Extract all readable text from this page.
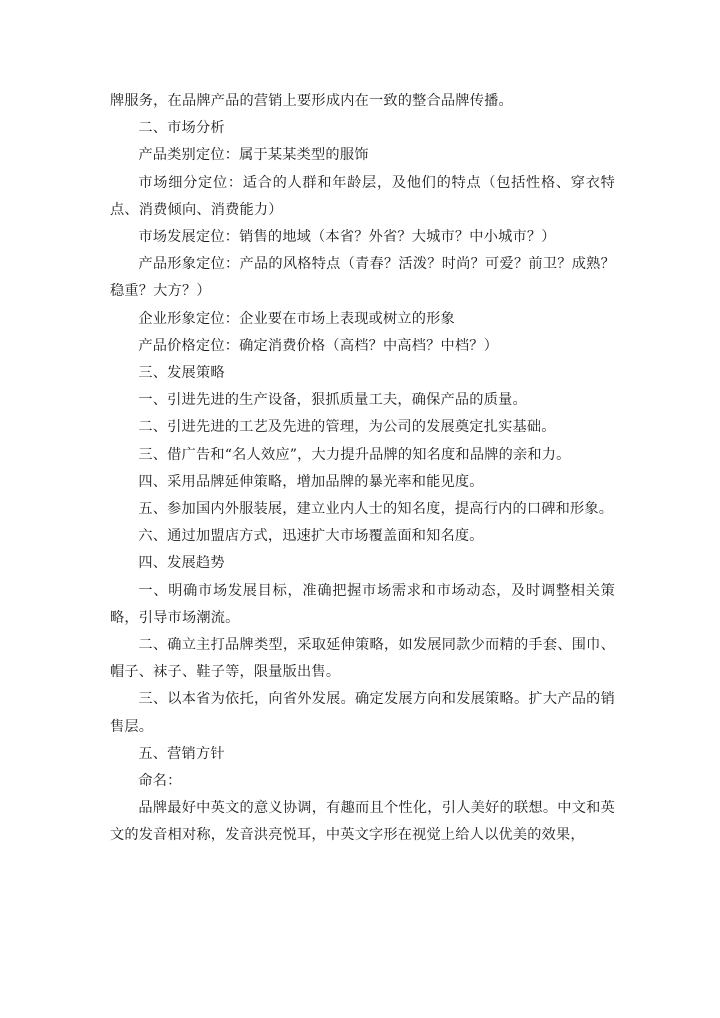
牌服务，在品牌产品的营销上要形成内在一致的整合品牌传播。

二、市场分析

产品类别定位：属于某某类型的服饰

市场细分定位：适合的人群和年龄层，及他们的特点（包括性格、穿衣特点、消费倾向、消费能力）

市场发展定位：销售的地域（本省？外省？大城市？中小城市？）

产品形象定位：产品的风格特点（青春？活泼？时尚？可爱？前卫？成熟？稳重？大方？）

企业形象定位：企业要在市场上表现或树立的形象

产品价格定位：确定消费价格（高档？中高档？中档？）

三、发展策略

一、引进先进的生产设备，狠抓质量工夫，确保产品的质量。

二、引进先进的工艺及先进的管理，为公司的发展奠定扎实基础。

三、借广告和“名人效应”，大力提升品牌的知名度和品牌的亲和力。

四、采用品牌延伸策略，增加品牌的暴光率和能见度。

五、参加国内外服装展，建立业内人士的知名度，提高行内的口碑和形象。

六、通过加盟店方式，迅速扩大市场覆盖面和知名度。

四、发展趋势

一、明确市场发展目标，准确把握市场需求和市场动态，及时调整相关策略，引导市场潮流。

二、确立主打品牌类型，采取延伸策略，如发展同款少而精的手套、围巾、帽子、袜子、鞋子等，限量版出售。

三、以本省为依托，向省外发展。确定发展方向和发展策略。扩大产品的销售层。

五、营销方针

命名：

品牌最好中英文的意义协调，有趣而且个性化，引人美好的联想。中文和英文的发音相对称，发音洪亮悦耳，中英文字形在视觉上给人以优美的效果，
